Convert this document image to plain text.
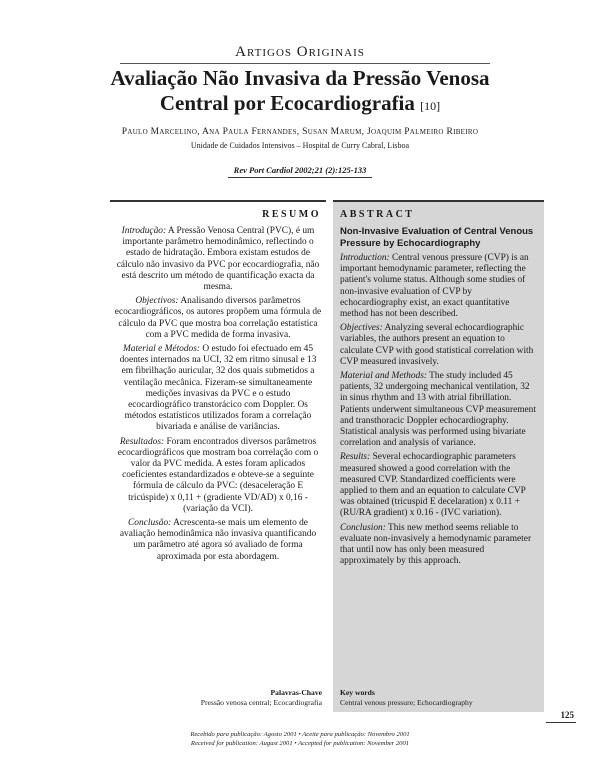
Artigos Originais
Avaliação Não Invasiva da Pressão Venosa
Central por Ecocardiografia [10]
Paulo Marcelino, Ana Paula Fernandes, Susan Marum, Joaquim Palmeiro Ribeiro
Unidade de Cuidados Intensivos – Hospital de Curry Cabral, Lisboa
Rev Port Cardiol 2002;21 (2):125-133
RESUMO

Introdução: A Pressão Venosa Central (PVC), é um importante parâmetro hemodinâmico, reflectindo o estado de hidratação. Embora existam estudos de cálculo não invasivo da PVC por ecocardiografia, não está descrito um método de quantificação exacta da mesma.

Objectivos: Analisando diversos parâmetros ecocardiográficos, os autores propõem uma fórmula de cálculo da PVC que mostra boa correlação estatística com a PVC medida de forma invasiva.

Material e Métodos: O estudo foi efectuado em 45 doentes internados na UCI, 32 em ritmo sinusal e 13 em fibrilhação auricular, 32 dos quais submetidos a ventilação mecânica. Fizeram-se simultaneamente medições invasivas da PVC e o estudo ecocardiográfico transtorácico com Doppler. Os métodos estatísticos utilizados foram a correlação bivariada e análise de variâncias.

Resultados: Foram encontrados diversos parâmetros ecocardiográficos que mostram boa correlação com o valor da PVC medida. A estes foram aplicados coeficientes estandardizados e obteve-se a seguinte fórmula de cálculo da PVC: (desaceleração E tricúspide) x 0,11 + (gradiente VD/AD) x 0,16 - (variação da VCI).

Conclusão: Acrescenta-se mais um elemento de avaliação hemodinâmica não invasiva quantificando um parâmetro até agora só avaliado de forma aproximada por esta abordagem.

ABSTRACT
Non-Invasive Evaluation of Central Venous Pressure by Echocardiography

Introduction: Central venous pressure (CVP) is an important hemodynamic parameter, reflecting the patient's volume status. Although some studies of non-invasive evaluation of CVP by echocardiography exist, an exact quantitative method has not been described.

Objectives: Analyzing several echocardiographic variables, the authors present an equation to calculate CVP with good statistical correlation with CVP measured invasively.

Material and Methods: The study included 45 patients, 32 undergoing mechanical ventilation, 32 in sinus rhythm and 13 with atrial fibrillation. Patients underwent simultaneous CVP measurement and transthoracic Doppler echocardiography. Statistical analysis was performed using bivariate correlation and analysis of variance.

Results: Several echocardiographic parameters measured showed a good correlation with the measured CVP. Standardized coefficients were applied to them and an equation to calculate CVP was obtained (tricuspid E decelaration) x 0.11 + (RU/RA gradient) x 0.16 - (IVC variation).

Conclusion: This new method seems reliable to evaluate non-invasively a hemodynamic parameter that until now has only been measured approximately by this approach.

Palavras-Chave
Pressão venosa central; Ecocardiografia
Key words
Central venous pressure; Echocardiography
125
Recebido para publicação: Agosto 2001 • Aceite para publicação: Novembro 2001
Received for publication: August 2001 • Accepted for publication: November 2001
